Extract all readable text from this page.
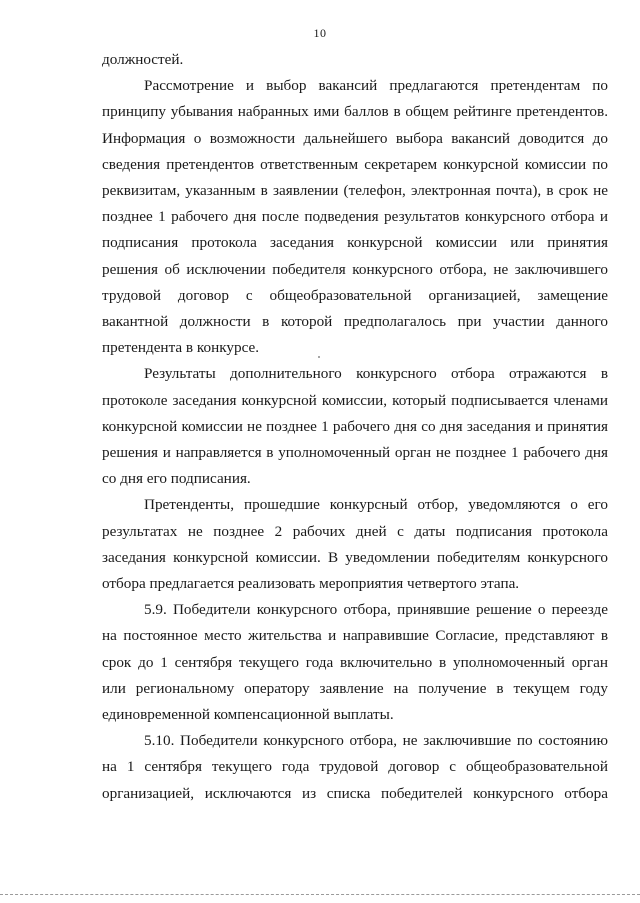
10

должностей.

Рассмотрение и выбор вакансий предлагаются претендентам по принципу убывания набранных ими баллов в общем рейтинге претендентов. Информация о возможности дальнейшего выбора вакансий доводится до сведения претендентов ответственным секретарем конкурсной комиссии по реквизитам, указанным в заявлении (телефон, электронная почта), в срок не позднее 1 рабочего дня после подведения результатов конкурсного отбора и подписания протокола заседания конкурсной комиссии или принятия решения об исключении победителя конкурсного отбора, не заключившего трудовой договор с общеобразовательной организацией, замещение вакантной должности в которой предполагалось при участии данного претендента в конкурсе.

Результаты дополнительного конкурсного отбора отражаются в протоколе заседания конкурсной комиссии, который подписывается членами конкурсной комиссии не позднее 1 рабочего дня со дня заседания и принятия решения и направляется в уполномоченный орган не позднее 1 рабочего дня со дня его подписания.

Претенденты, прошедшие конкурсный отбор, уведомляются о его результатах не позднее 2 рабочих дней с даты подписания протокола заседания конкурсной комиссии. В уведомлении победителям конкурсного отбора предлагается реализовать мероприятия четвертого этапа.

5.9. Победители конкурсного отбора, принявшие решение о переезде на постоянное место жительства и направившие Согласие, представляют в срок до 1 сентября текущего года включительно в уполномоченный орган или региональному оператору заявление на получение в текущем году единовременной компенсационной выплаты.

5.10. Победители конкурсного отбора, не заключившие по состоянию на 1 сентября текущего года трудовой договор с общеобразовательной организацией, исключаются из списка победителей конкурсного отбора
